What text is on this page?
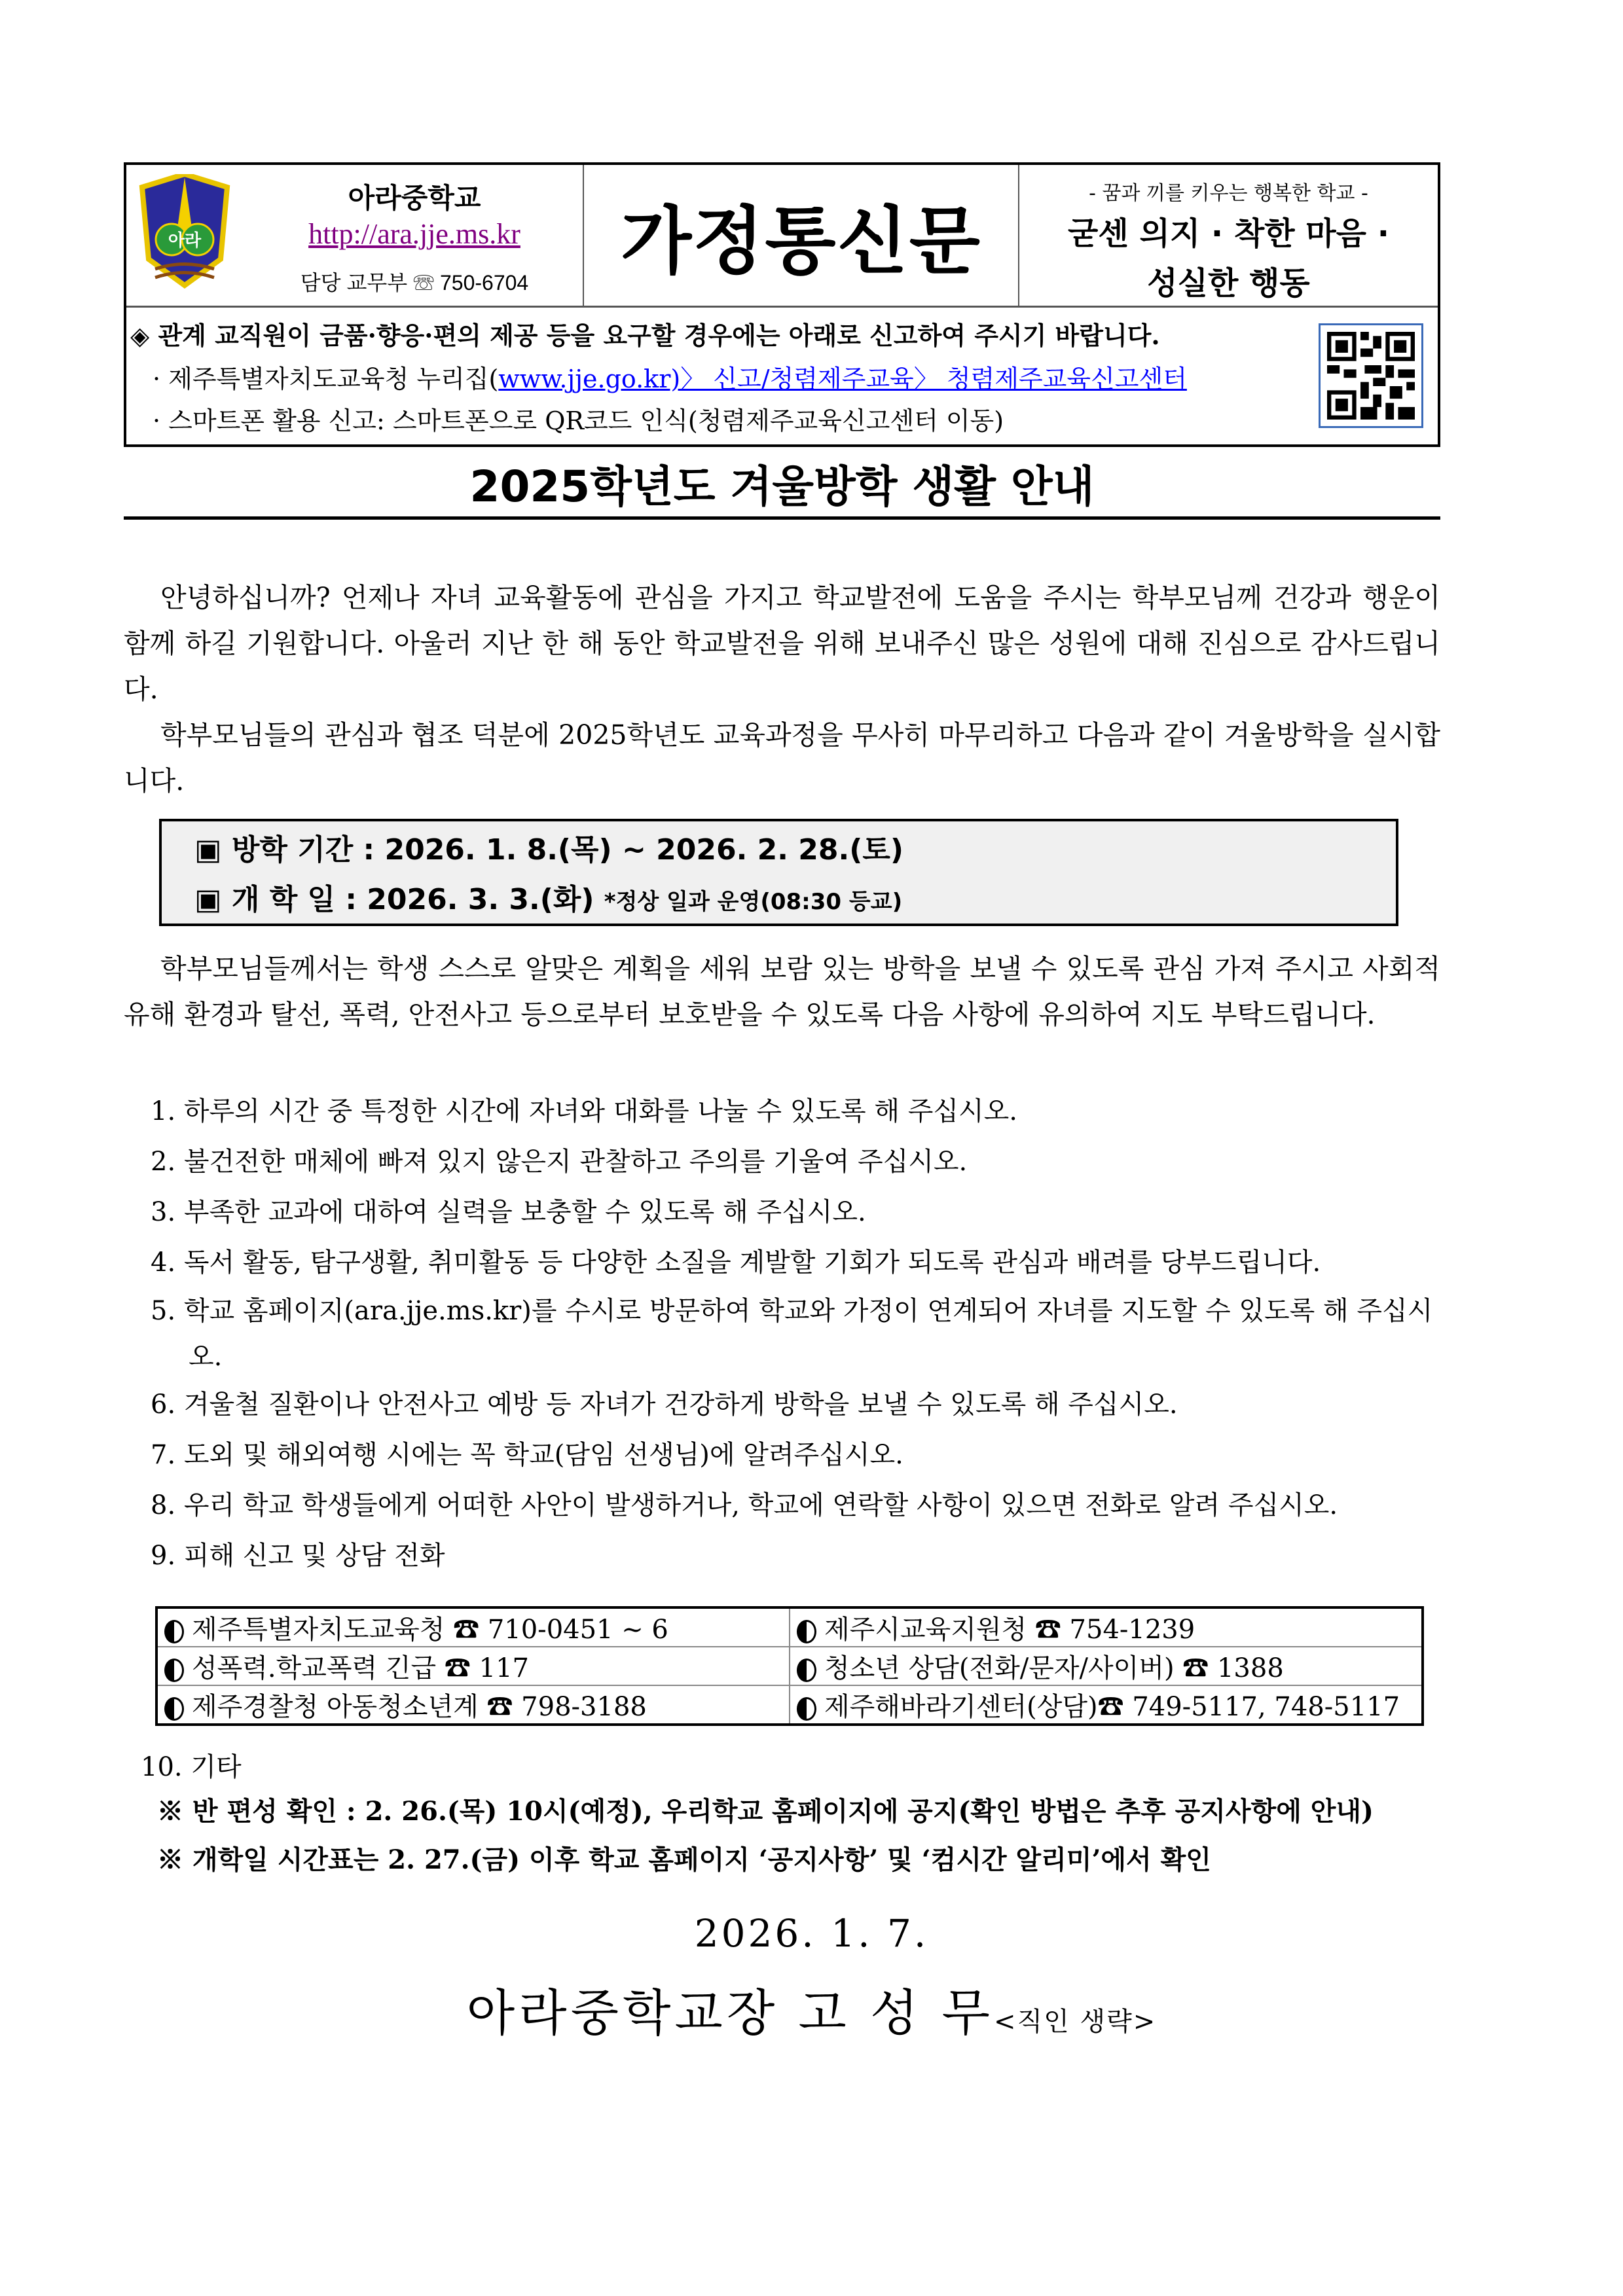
아라
아라중학교
http://ara.jje.ms.kr
담당 교무부 ☏ 750-6704	가정통신문
- 꿈과 끼를 키우는 행복한 학교 -
굳센 의지 · 착한 마음 ·
성실한 행동
◈ 관계 교직원이 금품·향응·편의 제공 등을 요구할 경우에는 아래로 신고하여 주시기 바랍니다.
· 제주특별자치도교육청 누리집(www.jje.go.kr)〉 신고/청렴제주교육〉 청렴제주교육신고센터
· 스마트폰 활용 신고: 스마트폰으로 QR코드 인식(청렴제주교육신고센터 이동)
2025학년도 겨울방학 생활 안내
안녕하십니까? 언제나 자녀 교육활동에 관심을 가지고 학교발전에 도움을 주시는 학부모님께 건강과 행운이 함께 하길 기원합니다. 아울러 지난 한 해 동안 학교발전을 위해 보내주신 많은 성원에 대해 진심으로 감사드립니다.
학부모님들의 관심과 협조 덕분에 2025학년도 교육과정을 무사히 마무리하고 다음과 같이 겨울방학을 실시합니다.
▣ 방학 기간 : 2026. 1. 8.(목) ~ 2026. 2. 28.(토)
▣ 개 학 일 : 2026. 3. 3.(화) *정상 일과 운영(08:30 등교)
학부모님들께서는 학생 스스로 알맞은 계획을 세워 보람 있는 방학을 보낼 수 있도록 관심 가져 주시고 사회적 유해 환경과 탈선, 폭력, 안전사고 등으로부터 보호받을 수 있도록 다음 사항에 유의하여 지도 부탁드립니다.
1. 하루의 시간 중 특정한 시간에 자녀와 대화를 나눌 수 있도록 해 주십시오.
2. 불건전한 매체에 빠져 있지 않은지 관찰하고 주의를 기울여 주십시오.
3. 부족한 교과에 대하여 실력을 보충할 수 있도록 해 주십시오.
4. 독서 활동, 탐구생활, 취미활동 등 다양한 소질을 계발할 기회가 되도록 관심과 배려를 당부드립니다.
5. 학교 홈페이지(ara.jje.ms.kr)를 수시로 방문하여 학교와 가정이 연계되어 자녀를 지도할 수 있도록 해 주십시오.
6. 겨울철 질환이나 안전사고 예방 등 자녀가 건강하게 방학을 보낼 수 있도록 해 주십시오.
7. 도외 및 해외여행 시에는 꼭 학교(담임 선생님)에 알려주십시오.
8. 우리 학교 학생들에게 어떠한 사안이 발생하거나, 학교에 연락할 사항이 있으면 전화로 알려 주십시오.
9. 피해 신고 및 상담 전화
제주특별자치도교육청 ☎ 710-0451 ~ 6	제주시교육지원청 ☎ 754-1239
성폭력.학교폭력 긴급 ☎ 117	청소년 상담(전화/문자/사이버) ☎ 1388
제주경찰청 아동청소년계 ☎ 798-3188	제주해바라기센터(상담)☎ 749-5117, 748-5117
10. 기타
※ 반 편성 확인 : 2. 26.(목) 10시(예정), 우리학교 홈페이지에 공지(확인 방법은 추후 공지사항에 안내)
※ 개학일 시간표는 2. 27.(금) 이후 학교 홈페이지 ‘공지사항’ 및 ‘컴시간 알리미’에서 확인
2026. 1. 7.
아라중학교장 고 성 무<직인 생략>
